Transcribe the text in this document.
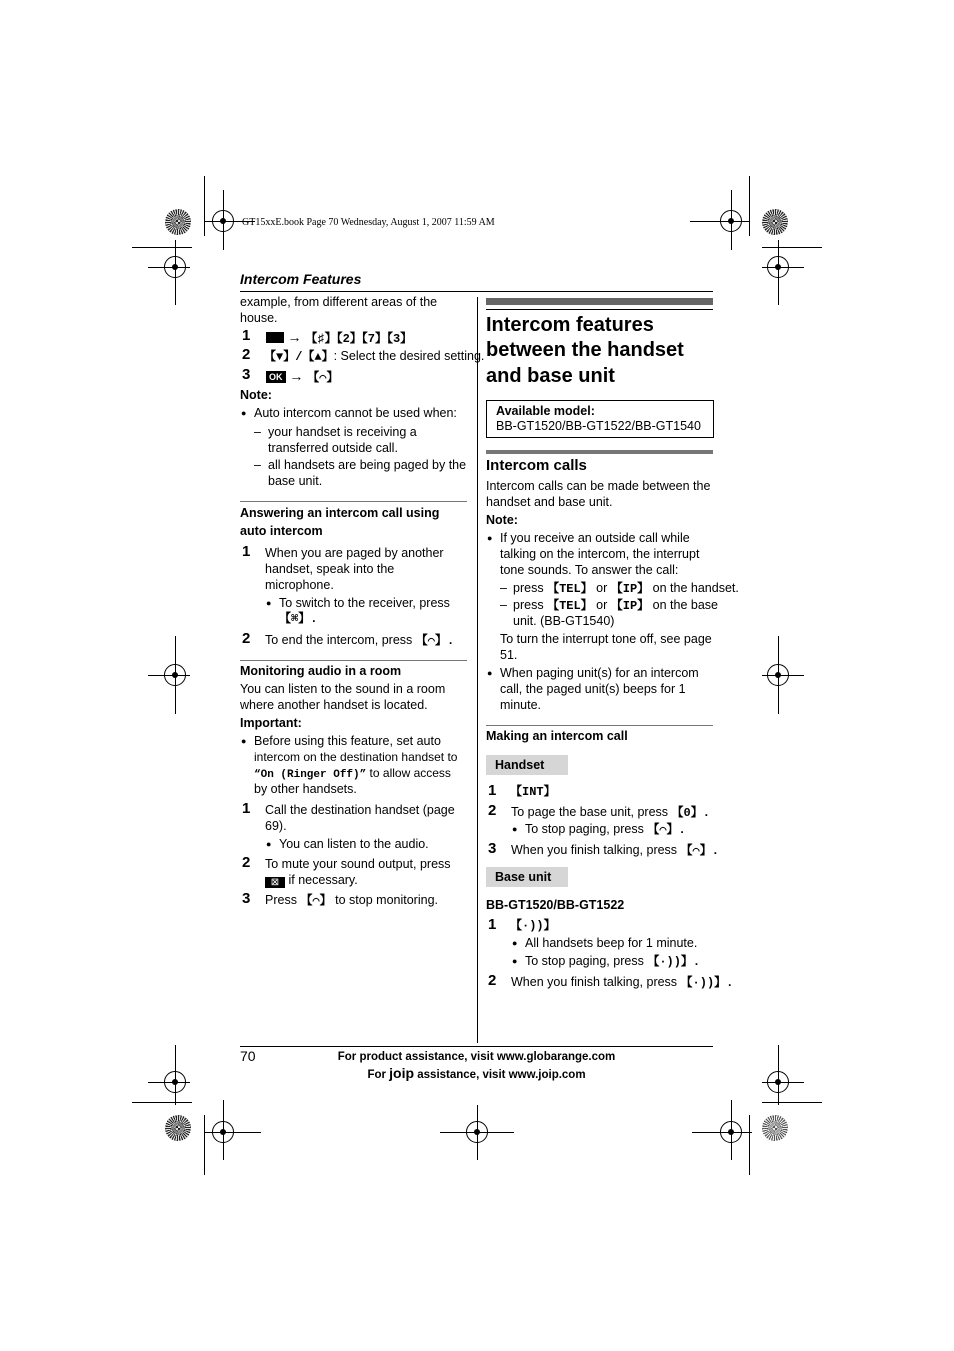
GT15xxE.book Page 70 Wednesday, August 1, 2007 11:59 AM
Intercom Features
example, from different areas of the
house.
1	→ 【♯】【2】【7】【3】
2 【▼】/【▲】: Select the desired setting.
3	OK → 【⌒】
Note:
● Auto intercom cannot be used when:
– your handset is receiving a
transferred outside call.
– all handsets are being paged by the
base unit.
Answering an intercom call using
auto intercom
1 When you are paged by another
handset, speak into the
microphone.
● To switch to the receiver, press
【⌘】.
2 To end the intercom, press 【⌒】.
Monitoring audio in a room
You can listen to the sound in a room
where another handset is located.
Important:
● Before using this feature, set auto
intercom on the destination handset to
“On (Ringer Off)” to allow access
by other handsets.
1 Call the destination handset (page
69).
● You can listen to the audio.
2 To mute your sound output, press
⊠ if necessary.
3 Press 【⌒】 to stop monitoring.
Intercom features
between the handset
and base unit
Available model:
BB-GT1520/BB-GT1522/BB-GT1540
Intercom calls
Intercom calls can be made between the
handset and base unit.
Note:
● If you receive an outside call while
talking on the intercom, the interrupt
tone sounds. To answer the call:
– press 【TEL】 or 【IP】 on the handset.
– press 【TEL】 or 【IP】 on the base
unit. (BB-GT1540)
To turn the interrupt tone off, see page
51.
● When paging unit(s) for an intercom
call, the paged unit(s) beeps for 1
minute.
Making an intercom call
Handset
1 【INT】
2 To page the base unit, press 【0】.
● To stop paging, press 【⌒】.
3 When you finish talking, press 【⌒】.
Base unit
BB-GT1520/BB-GT1522
1 【·))】
● All handsets beep for 1 minute.
● To stop paging, press 【·))】.
2 When you finish talking, press 【·))】.
70	For product assistance, visit www.globarange.com
For joip assistance, visit www.joip.com
